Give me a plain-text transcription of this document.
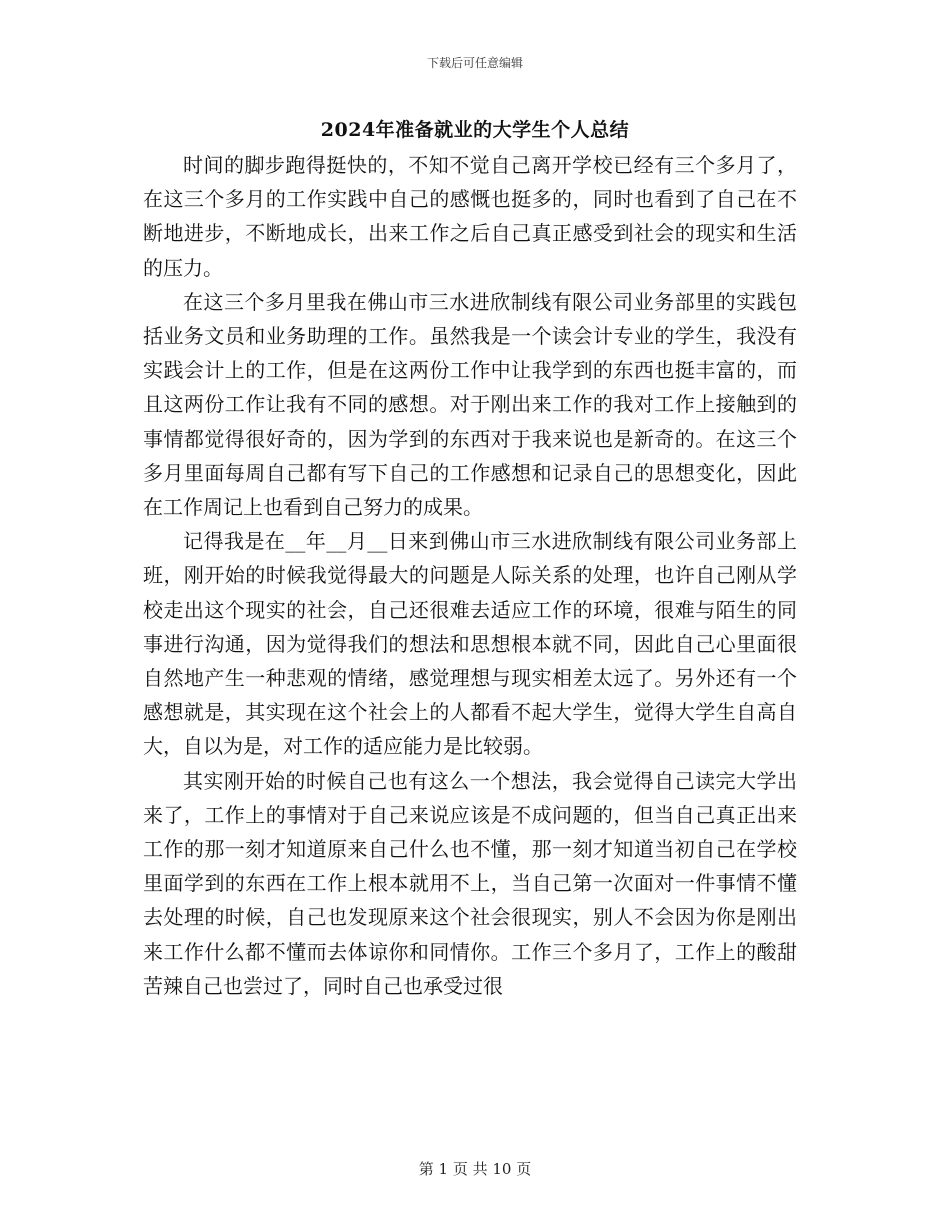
下载后可任意编辑
2024年准备就业的大学生个人总结

时间的脚步跑得挺快的，不知不觉自己离开学校已经有三个多月了，在这三个多月的工作实践中自己的感慨也挺多的，同时也看到了自己在不断地进步，不断地成长，出来工作之后自己真正感受到社会的现实和生活的压力。

在这三个多月里我在佛山市三水进欣制线有限公司业务部里的实践包括业务文员和业务助理的工作。虽然我是一个读会计专业的学生，我没有实践会计上的工作，但是在这两份工作中让我学到的东西也挺丰富的，而且这两份工作让我有不同的感想。对于刚出来工作的我对工作上接触到的事情都觉得很好奇的，因为学到的东西对于我来说也是新奇的。在这三个多月里面每周自己都有写下自己的工作感想和记录自己的思想变化，因此在工作周记上也看到自己努力的成果。

记得我是在__年__月__日来到佛山市三水进欣制线有限公司业务部上班，刚开始的时候我觉得最大的问题是人际关系的处理，也许自己刚从学校走出这个现实的社会，自己还很难去适应工作的环境，很难与陌生的同事进行沟通，因为觉得我们的想法和思想根本就不同，因此自己心里面很自然地产生一种悲观的情绪，感觉理想与现实相差太远了。另外还有一个感想就是，其实现在这个社会上的人都看不起大学生，觉得大学生自高自大，自以为是，对工作的适应能力是比较弱。

其实刚开始的时候自己也有这么一个想法，我会觉得自己读完大学出来了，工作上的事情对于自己来说应该是不成问题的，但当自己真正出来工作的那一刻才知道原来自己什么也不懂，那一刻才知道当初自己在学校里面学到的东西在工作上根本就用不上，当自己第一次面对一件事情不懂去处理的时候，自己也发现原来这个社会很现实，别人不会因为你是刚出来工作什么都不懂而去体谅你和同情你。工作三个多月了，工作上的酸甜苦辣自己也尝过了，同时自己也承受过很

第 1 页 共 10 页
